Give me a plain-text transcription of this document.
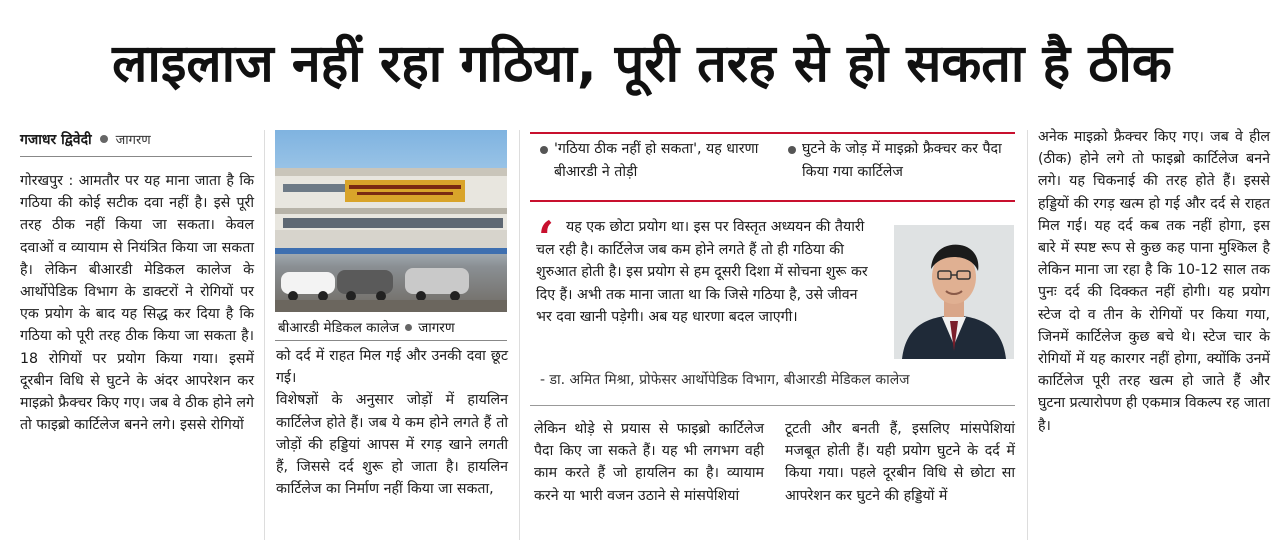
लाइलाज नहीं रहा गठिया, पूरी तरह से हो सकता है ठीक
गजाधर द्विवेदी जागरण

गोरखपुर : आमतौर पर यह माना जाता है कि गठिया की कोई सटीक दवा नहीं है। इसे पूरी तरह ठीक नहीं किया जा सकता। केवल दवाओं व व्यायाम से नियंत्रित किया जा सकता है। लेकिन बीआरडी मेडिकल कालेज के आर्थोपेडिक विभाग के डाक्टरों ने रोगियों पर एक प्रयोग के बाद यह सिद्ध कर दिया है कि गठिया को पूरी तरह ठीक किया जा सकता है। 18 रोगियों पर प्रयोग किया गया। इसमें दूरबीन विधि से घुटने के अंदर आपरेशन कर माइक्रो फ्रैक्चर किए गए। जब वे ठीक होने लगे तो फाइब्रो कार्टिलेज बनने लगे। इससे रोगियों

बीआरडी मेडिकल कालेज जागरण

को दर्द में राहत मिल गई और उनकी दवा छूट गई।

विशेषज्ञों के अनुसार जोड़ों में हायलिन कार्टिलेज होते हैं। जब ये कम होने लगते हैं तो जोड़ों की हड्डियां आपस में रगड़ खाने लगती हैं, जिससे दर्द शुरू हो जाता है। हायलिन कार्टिलेज का निर्माण नहीं किया जा सकता,

'गठिया ठीक नहीं हो सकता', यह धारणा बीआरडी ने तोड़ी
घुटने के जोड़ में माइक्रो फ्रैक्चर कर पैदा किया गया कार्टिलेज
‘ यह एक छोटा प्रयोग था। इस पर विस्तृत अध्ययन की तैयारी चल रही है। कार्टिलेज जब कम होने लगते हैं तो ही गठिया की शुरुआत होती है। इस प्रयोग से हम दूसरी दिशा में सोचना शुरू कर दिए हैं। अभी तक माना जाता था कि जिसे गठिया है, उसे जीवन भर दवा खानी पड़ेगी। अब यह धारणा बदल जाएगी।
- डा. अमित मिश्रा, प्रोफेसर आर्थोपेडिक विभाग, बीआरडी मेडिकल कालेज

लेकिन थोड़े से प्रयास से फाइब्रो कार्टिलेज पैदा किए जा सकते हैं। यह भी लगभग वही काम करते हैं जो हायलिन का है। व्यायाम करने या भारी वजन उठाने से मांसपेशियां

टूटती और बनती हैं, इसलिए मांसपेशियां मजबूत होती हैं। यही प्रयोग घुटने के दर्द में किया गया। पहले दूरबीन विधि से छोटा सा आपरेशन कर घुटने की हड्डियों में

अनेक माइक्रो फ्रैक्चर किए गए। जब वे हील (ठीक) होने लगे तो फाइब्रो कार्टिलेज बनने लगे। यह चिकनाई की तरह होते हैं। इससे हड्डियों की रगड़ खत्म हो गई और दर्द से राहत मिल गई। यह दर्द कब तक नहीं होगा, इस बारे में स्पष्ट रूप से कुछ कह पाना मुश्किल है लेकिन माना जा रहा है कि 10-12 साल तक पुनः दर्द की दिक्कत नहीं होगी। यह प्रयोग स्टेज दो व तीन के रोगियों पर किया गया, जिनमें कार्टिलेज कुछ बचे थे। स्टेज चार के रोगियों में यह कारगर नहीं होगा, क्योंकि उनमें कार्टिलेज पूरी तरह खत्म हो जाते हैं और घुटना प्रत्यारोपण ही एकमात्र विकल्प रह जाता है।
